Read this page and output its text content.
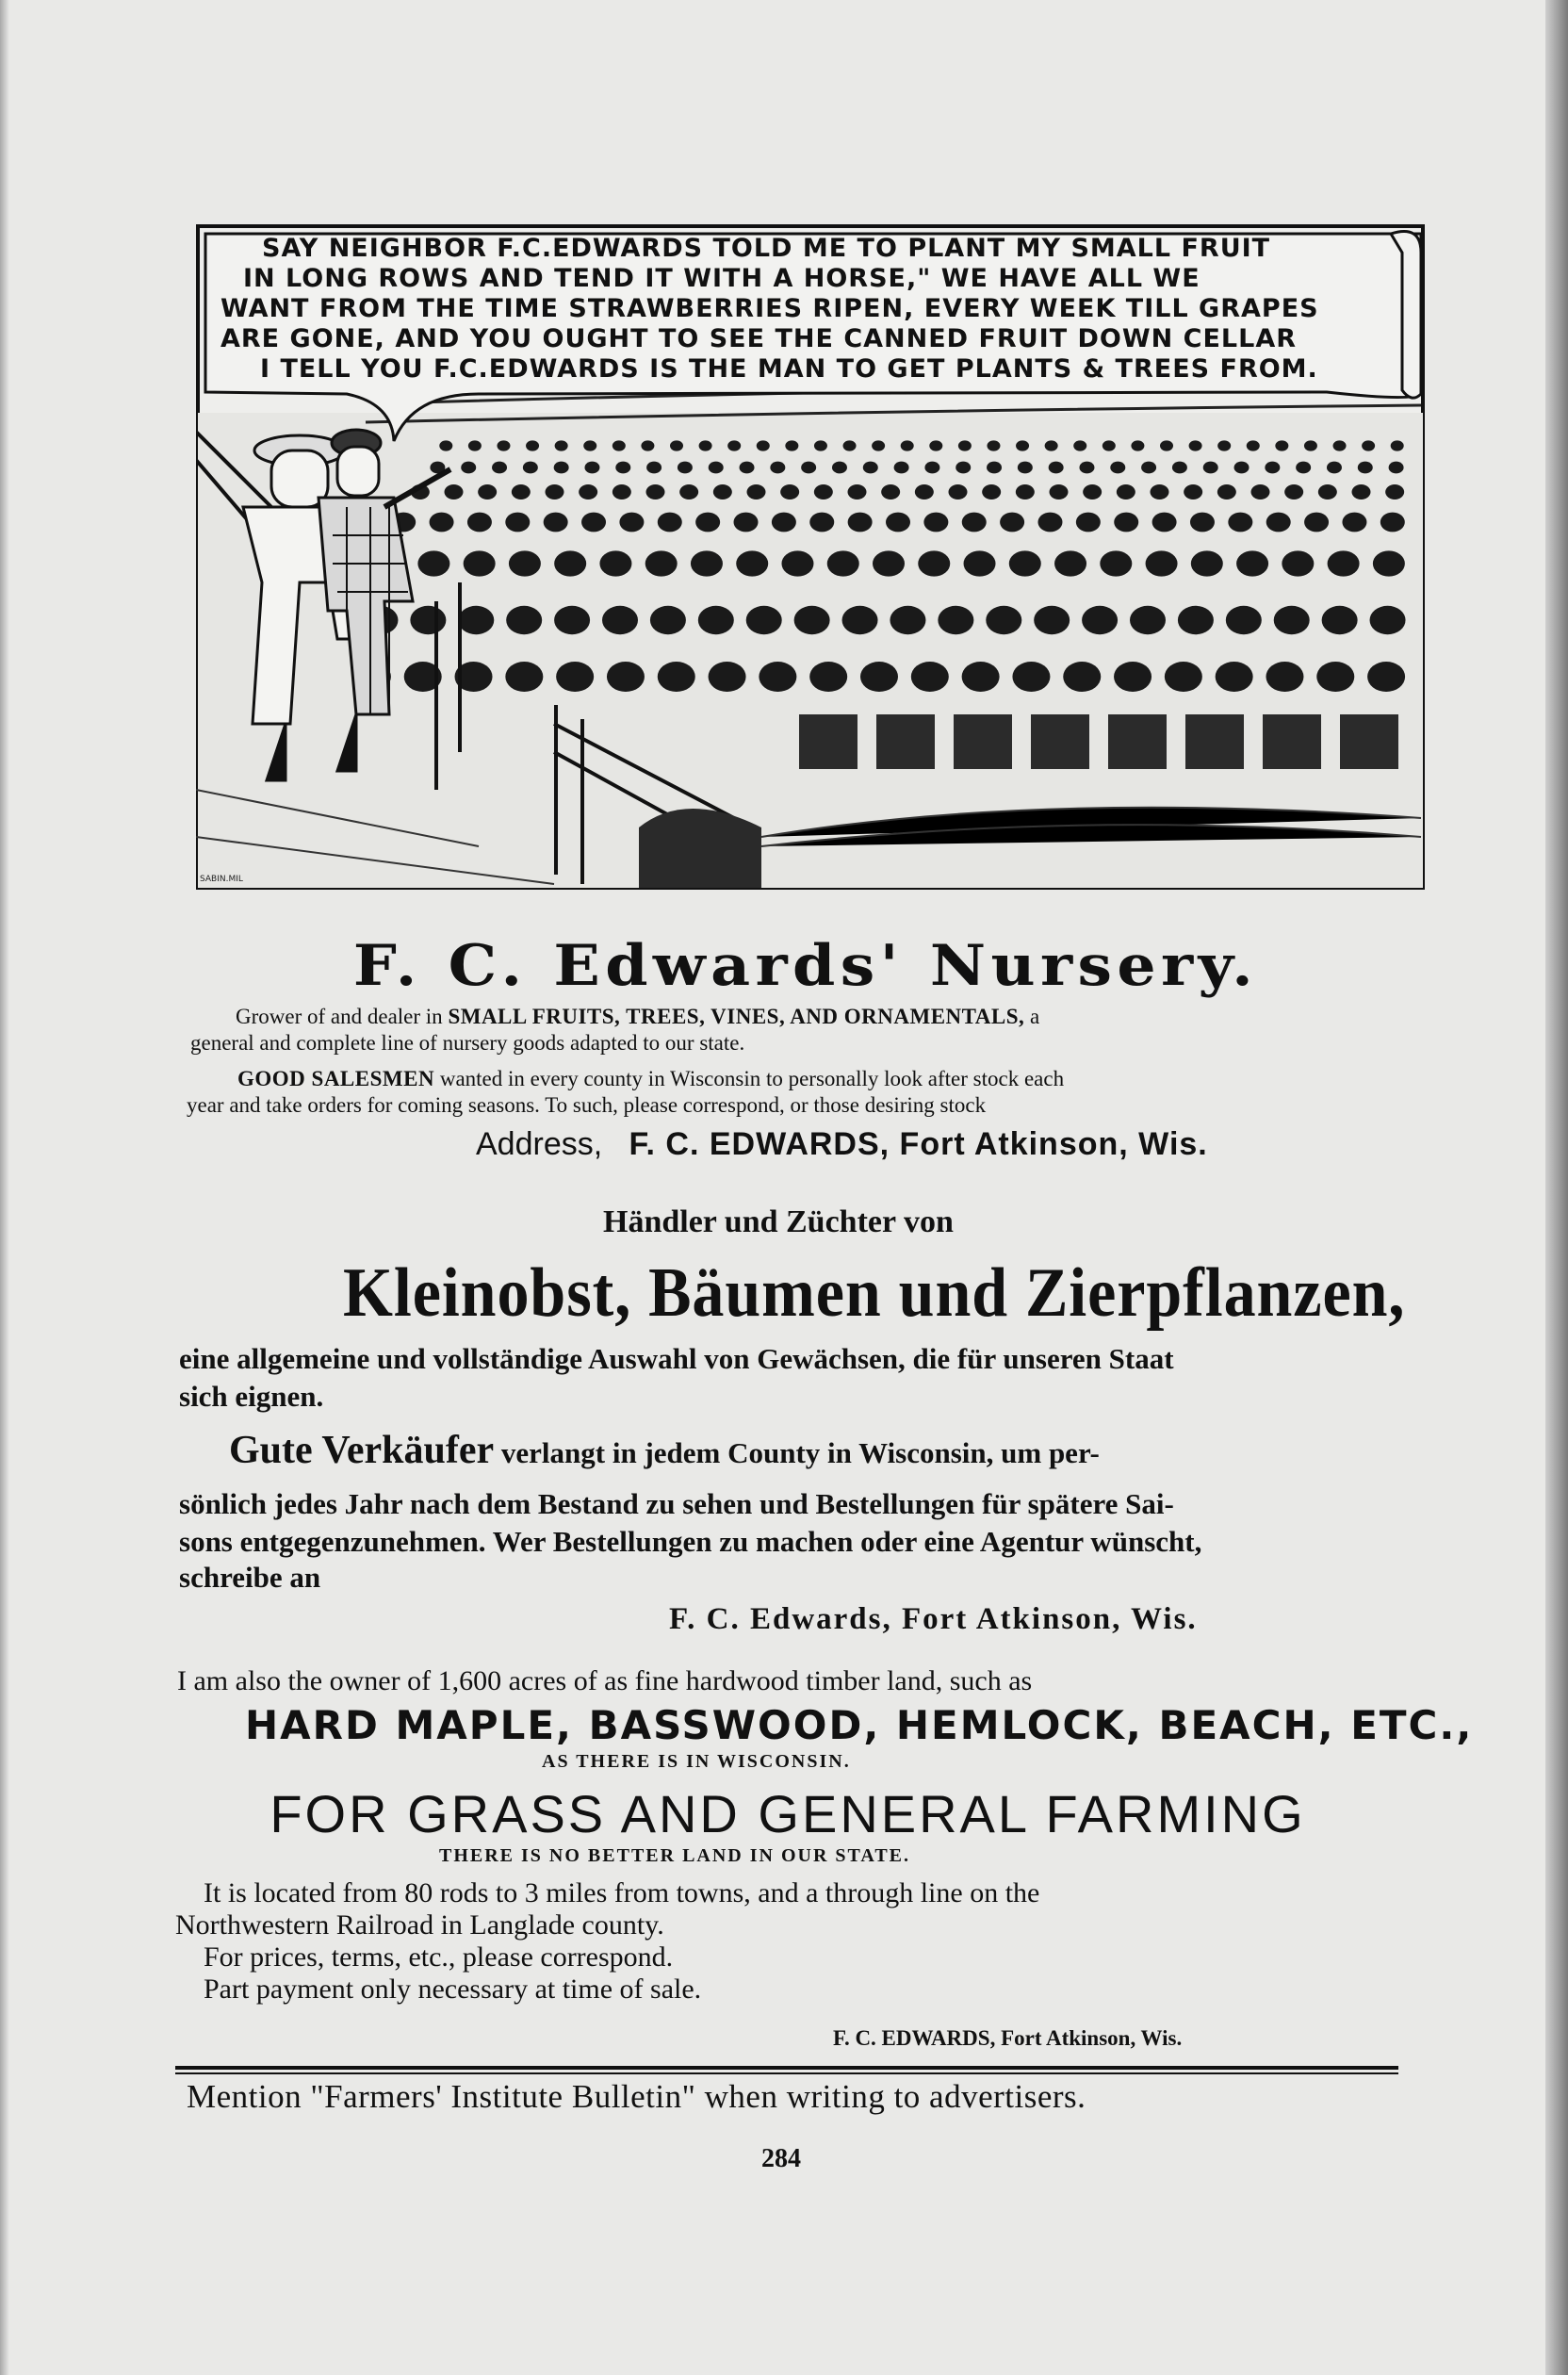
SAY NEIGHBOR F.C.EDWARDS TOLD ME TO PLANT MY SMALL FRUIT
IN LONG ROWS AND TEND IT WITH A HORSE," WE HAVE ALL WE
WANT FROM THE TIME STRAWBERRIES RIPEN, EVERY WEEK TILL GRAPES
ARE GONE, AND YOU OUGHT TO SEE THE CANNED FRUIT DOWN CELLAR
I TELL YOU F.C.EDWARDS IS THE MAN TO GET PLANTS & TREES FROM.
SABIN.MIL
F. C. Edwards' Nursery.
Grower of and dealer in SMALL FRUITS, TREES, VINES, AND ORNAMENTALS, a
general and complete line of nursery goods adapted to our state.
GOOD SALESMEN wanted in every county in Wisconsin to personally look after stock each
year and take orders for coming seasons. To such, please correspond, or those desiring stock
Address, F. C. EDWARDS, Fort Atkinson, Wis.
Händler und Züchter von
Kleinobst, Bäumen und Zierpflanzen,
eine allgemeine und vollständige Auswahl von Gewächsen, die für unseren Staat
sich eignen.
Gute Verkäufer verlangt in jedem County in Wisconsin, um per-
sönlich jedes Jahr nach dem Bestand zu sehen und Bestellungen für spätere Sai-
sons entgegenzunehmen. Wer Bestellungen zu machen oder eine Agentur wünscht,
schreibe an
F. C. Edwards, Fort Atkinson, Wis.
I am also the owner of 1,600 acres of as fine hardwood timber land, such as
HARD MAPLE, BASSWOOD, HEMLOCK, BEACH, ETC.,
AS THERE IS IN WISCONSIN.
FOR GRASS AND GENERAL FARMING
THERE IS NO BETTER LAND IN OUR STATE.
It is located from 80 rods to 3 miles from towns, and a through line on the
Northwestern Railroad in Langlade county.
For prices, terms, etc., please correspond.
Part payment only necessary at time of sale.
F. C. EDWARDS, Fort Atkinson, Wis.
Mention "Farmers' Institute Bulletin" when writing to advertisers.
284
